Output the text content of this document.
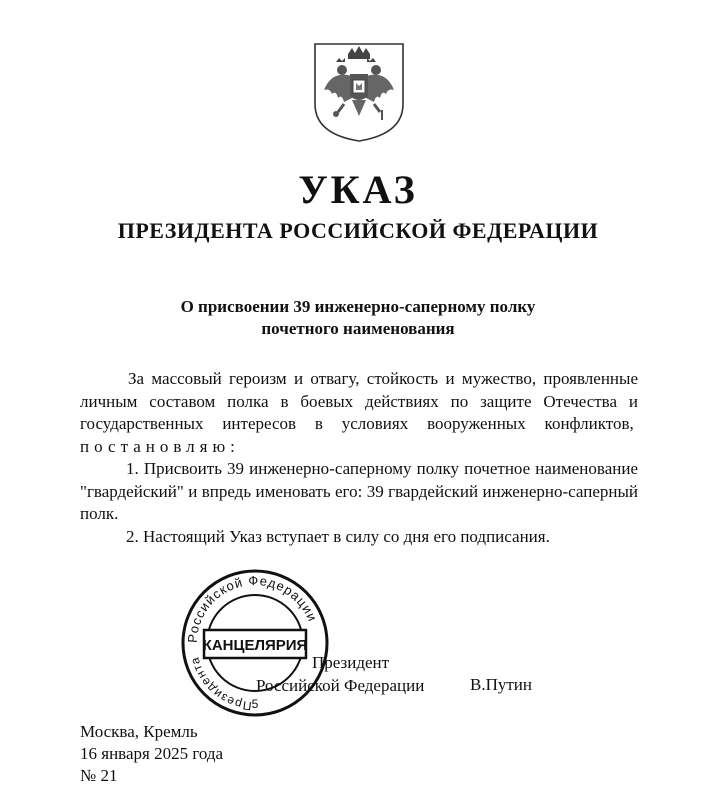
УКАЗ
ПРЕЗИДЕНТА РОССИЙСКОЙ ФЕДЕРАЦИИ
О присвоении 39 инженерно-саперному полку
почетного наименования

За массовый героизм и отвагу, стойкость и мужество, проявленные личным составом полка в боевых действиях по защите Отечества и государственных интересов в условиях вооруженных конфликтов,  постановляю:

1. Присвоить 39 инженерно-саперному полку почетное наименование "гвардейский" и впредь именовать его: 39 гвардейский инженерно-саперный полк.

2. Настоящий Указ вступает в силу со дня его подписания.

Российской Федерации
Президента
КАНЦЕЛЯРИЯ
5
Президент
Российской Федерации	В.Путин
Москва, Кремль
16 января 2025 года
№ 21
